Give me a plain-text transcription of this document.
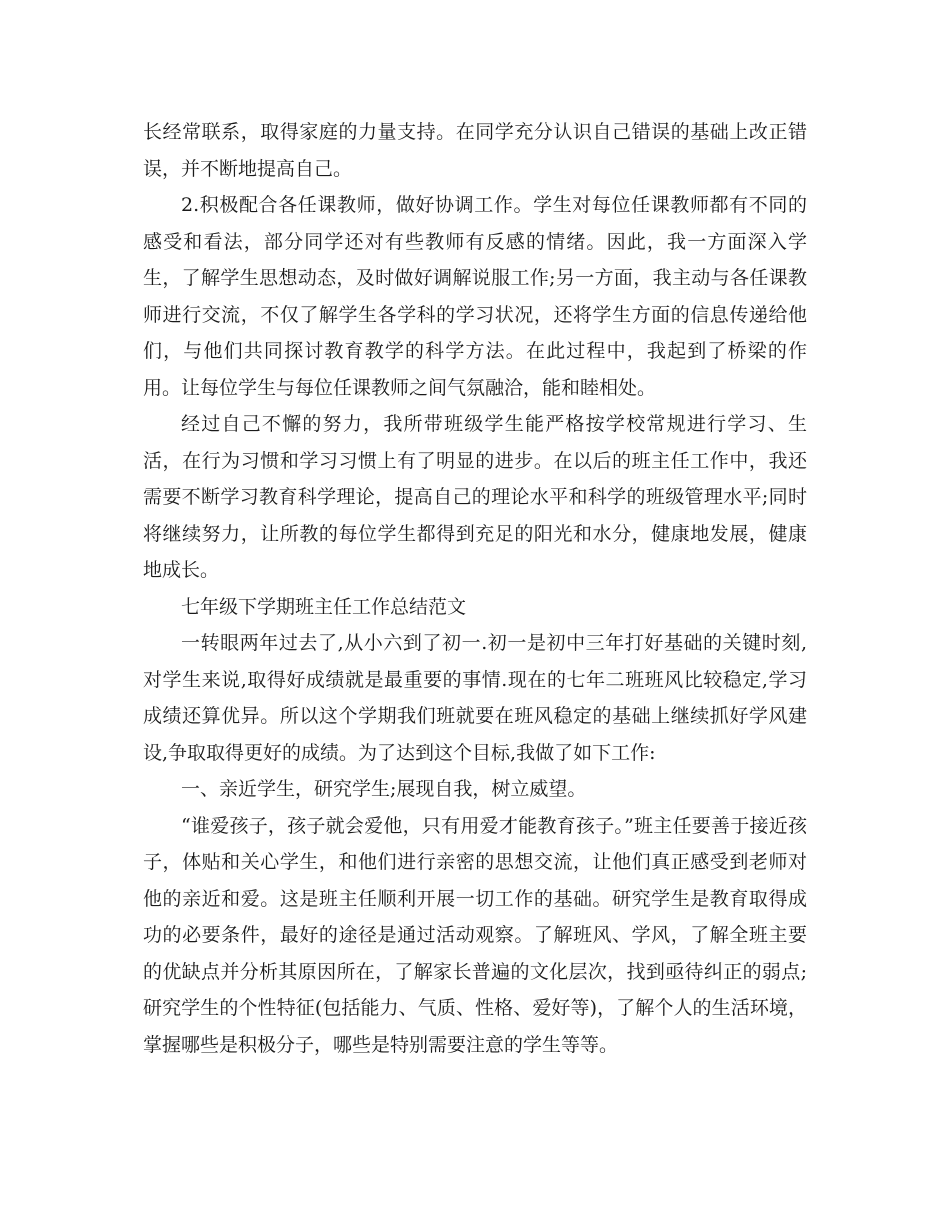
长经常联系，取得家庭的力量支持。在同学充分认识自己错误的基础上改正错误，并不断地提高自己。

2.积极配合各任课教师，做好协调工作。学生对每位任课教师都有不同的感受和看法，部分同学还对有些教师有反感的情绪。因此，我一方面深入学生，了解学生思想动态，及时做好调解说服工作;另一方面，我主动与各任课教师进行交流，不仅了解学生各学科的学习状况，还将学生方面的信息传递给他们，与他们共同探讨教育教学的科学方法。在此过程中，我起到了桥梁的作用。让每位学生与每位任课教师之间气氛融洽，能和睦相处。

经过自己不懈的努力，我所带班级学生能严格按学校常规进行学习、生活，在行为习惯和学习习惯上有了明显的进步。在以后的班主任工作中，我还需要不断学习教育科学理论，提高自己的理论水平和科学的班级管理水平;同时将继续努力，让所教的每位学生都得到充足的阳光和水分，健康地发展，健康地成长。

七年级下学期班主任工作总结范文

一转眼两年过去了,从小六到了初一.初一是初中三年打好基础的关键时刻,对学生来说,取得好成绩就是最重要的事情.现在的七年二班班风比较稳定,学习成绩还算优异。所以这个学期我们班就要在班风稳定的基础上继续抓好学风建设,争取取得更好的成绩。为了达到这个目标,我做了如下工作:

一、亲近学生，研究学生;展现自我，树立威望。

“谁爱孩子，孩子就会爱他，只有用爱才能教育孩子。”班主任要善于接近孩子，体贴和关心学生，和他们进行亲密的思想交流，让他们真正感受到老师对他的亲近和爱。这是班主任顺利开展一切工作的基础。研究学生是教育取得成功的必要条件，最好的途径是通过活动观察。了解班风、学风，了解全班主要的优缺点并分析其原因所在，了解家长普遍的文化层次，找到亟待纠正的弱点;研究学生的个性特征(包括能力、气质、性格、爱好等)，了解个人的生活环境，掌握哪些是积极分子，哪些是特别需要注意的学生等等。
